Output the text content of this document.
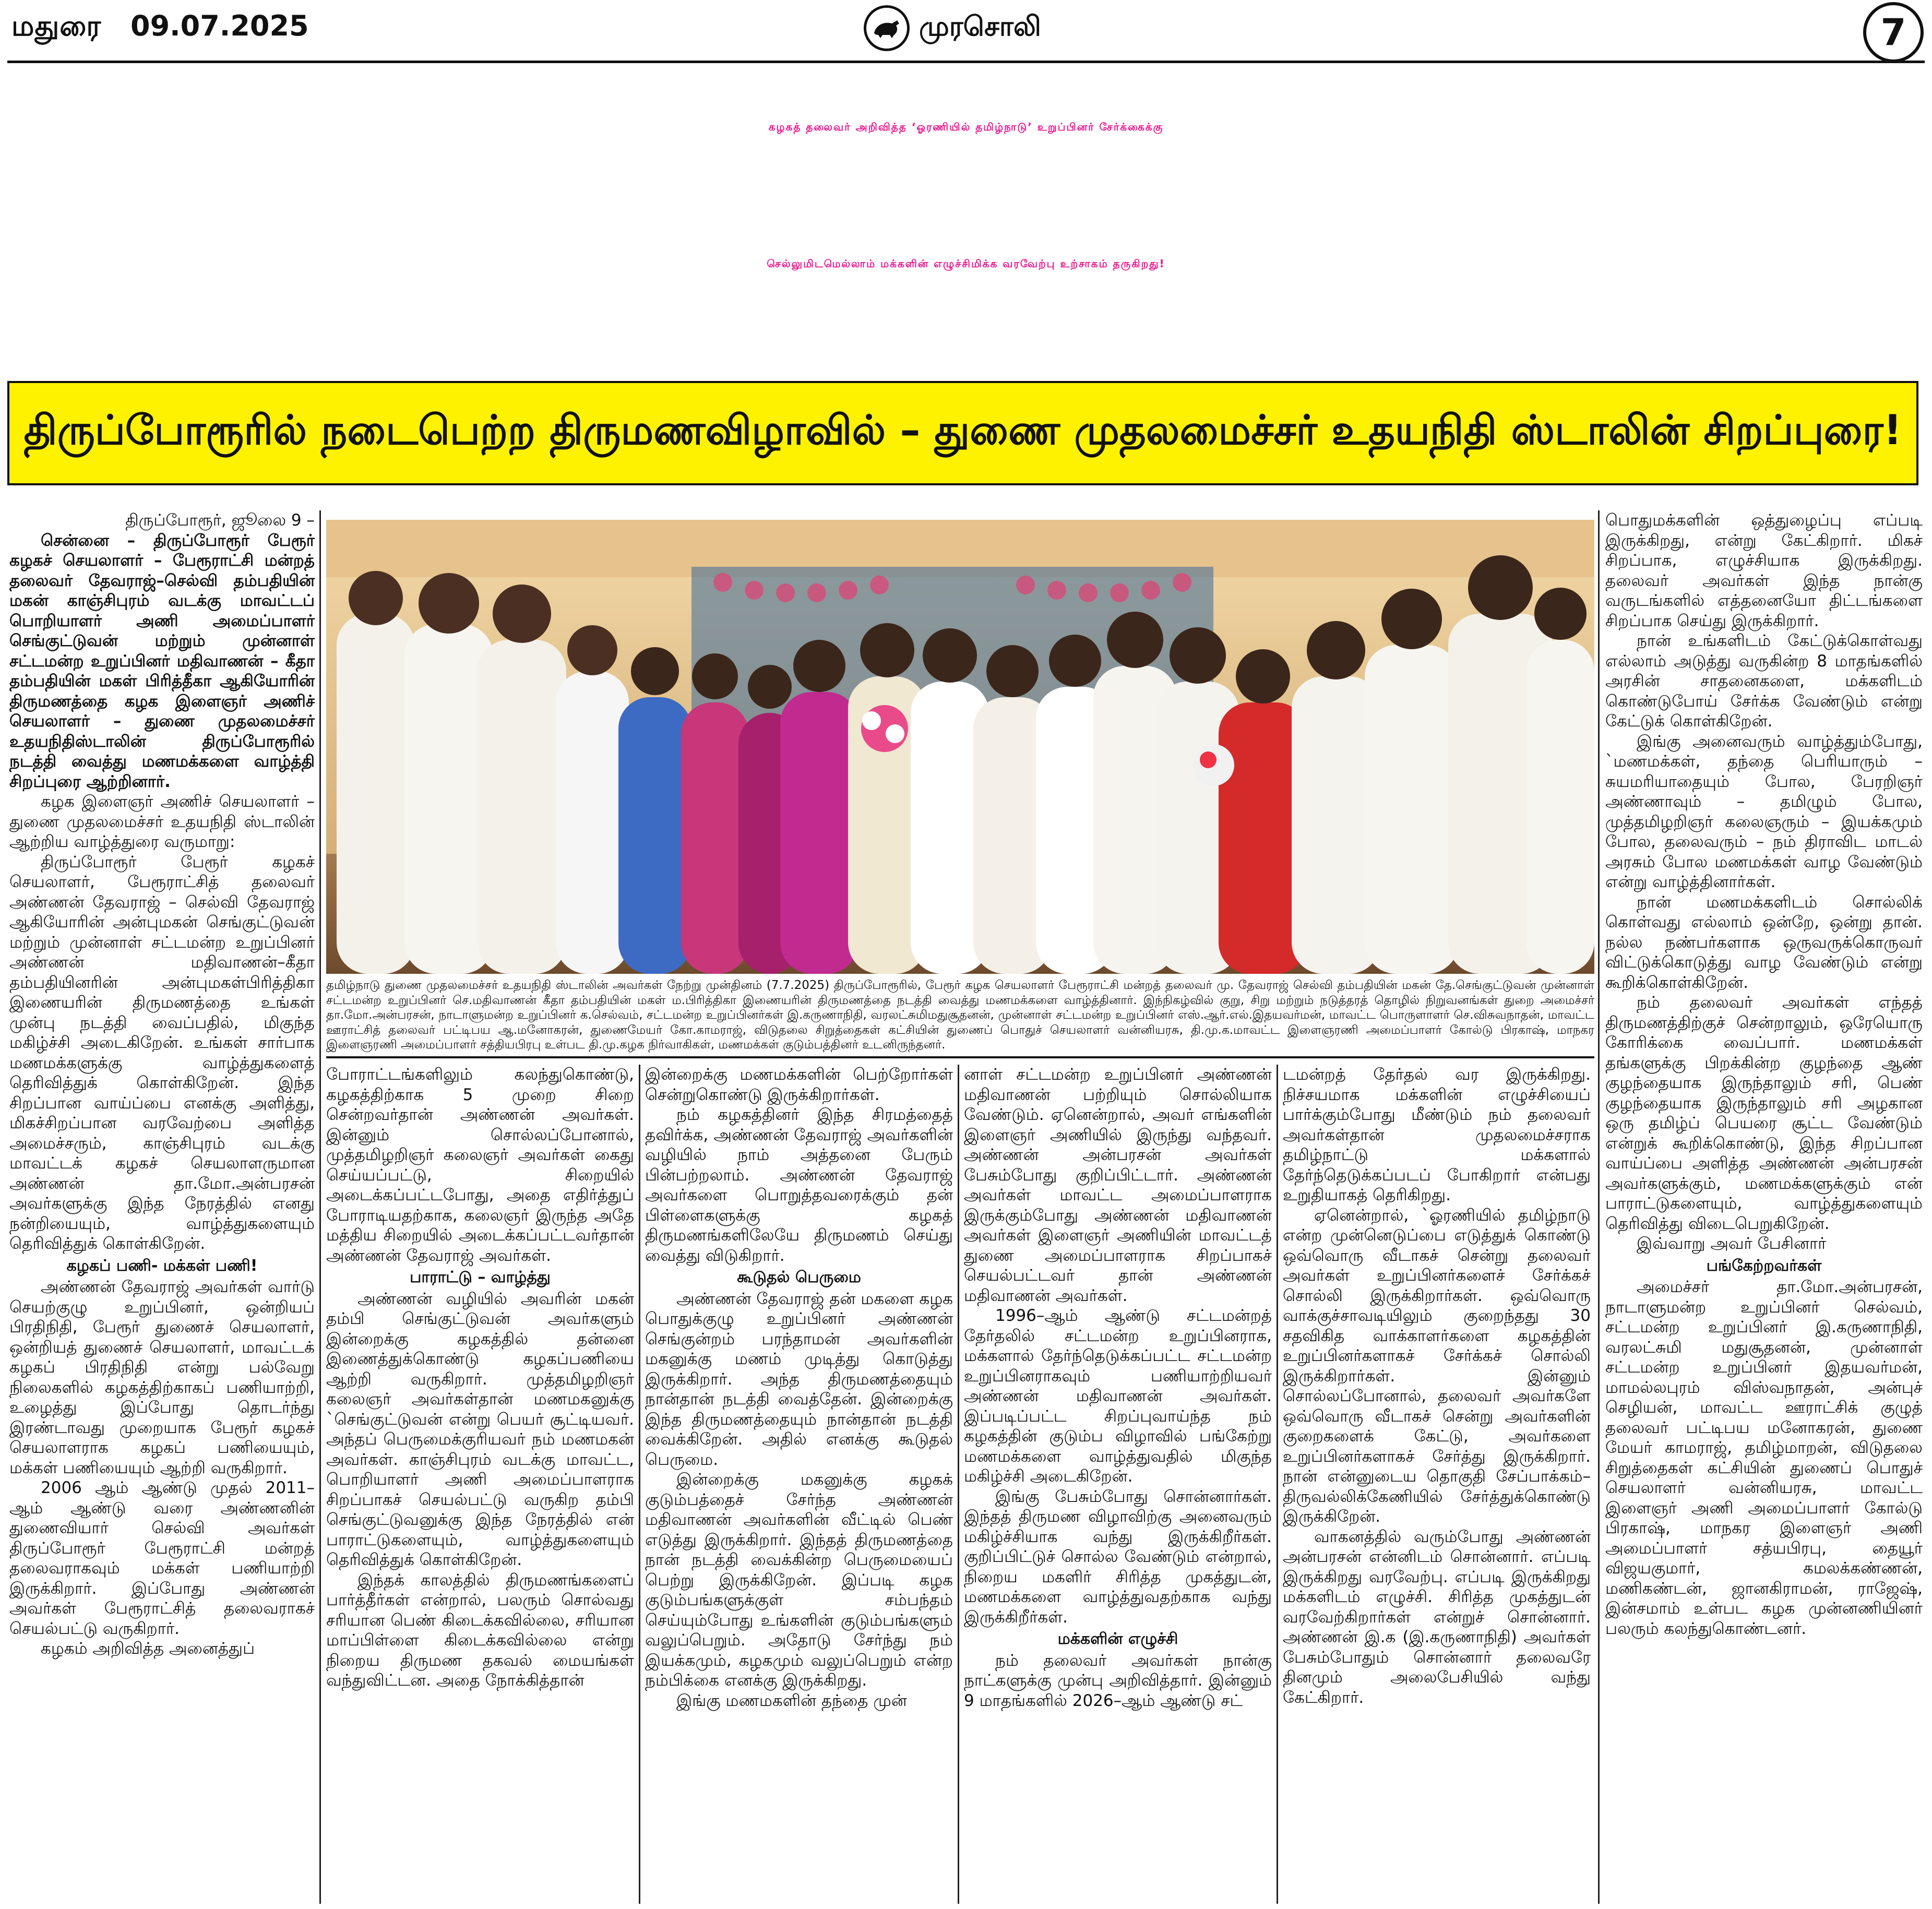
மதுரை 09.07.2025	முரசொலி	7
கழகத் தலைவர் அறிவித்த ‘ஓரணியில் தமிழ்நாடு’ உறுப்பினர் சேர்க்கைக்கு
செல்லுமிடமெல்லாம் மக்களின் எழுச்சிமிக்க வரவேற்பு உற்சாகம் தருகிறது!
திருப்போரூரில் நடைபெற்ற திருமணவிழாவில் – துணை முதலமைச்சர் உதயநிதி ஸ்டாலின் சிறப்புரை!
தமிழ்நாடு துணை முதலமைச்சர் உதயநிதி ஸ்டாலின் அவர்கள் நேற்று முன்தினம் (7.7.2025) திருப்போரூரில், பேரூர் கழக செயலாளர் பேரூராட்சி மன்றத் தலைவர் மு. தேவராஜ் செல்வி தம்பதியின் மகன் தே.செங்குட்டுவன் முன்னாள் சட்டமன்ற உறுப்பினர் செ.மதிவாணன் கீதா தம்பதியின் மகள் ம.பிரித்திகா இணையரின் திருமணத்தை நடத்தி வைத்து மணமக்களை வாழ்த்தினார். இந்நிகழ்வில் குறு, சிறு மற்றும் நடுத்தரத் தொழில் நிறுவனங்கள் துறை அமைச்சர் தா.மோ.அன்பரசன், நாடாளுமன்ற உறுப்பினர் க.செல்வம், சட்டமன்ற உறுப்பினர்கள் இ.கருணாநிதி, வரலட்சுமிமதுசூதனன், முன்னாள் சட்டமன்ற உறுப்பினர் எஸ்.ஆர்.எல்.இதயவர்மன், மாவட்ட பொருளாளர் செ.விசுவநாதன், மாவட்ட ஊராட்சித் தலைவர் பட்டிபய ஆ.மனோகரன், துணைமேயர் கோ.காமராஜ், விடுதலை சிறுத்தைகள் கட்சியின் துணைப் பொதுச் செயலாளர் வன்னியரசு, தி.மு.க.மாவட்ட இளைஞரணி அமைப்பாளர் கோல்டு பிரகாஷ், மாநகர இளைஞரணி அமைப்பாளர் சத்தியபிரபு உள்பட தி.மு.கழக நிர்வாகிகள், மணமக்கள் குடும்பத்தினர் உடனிருந்தனர்.

திருப்போரூர், ஜூலை 9 –

சென்னை – திருப்போரூர் பேரூர் கழகச் செயலாளர் – பேரூராட்சி மன்றத் தலைவர் தேவராஜ்–செல்வி தம்பதியின் மகன் காஞ்சிபுரம் வடக்கு மாவட்டப் பொறியாளர் அணி அமைப்பாளர் செங்குட்டுவன் மற்றும் முன்னாள் சட்டமன்ற உறுப்பினர் மதிவாணன் – கீதா தம்பதியின் மகள் பிரித்தீகா ஆகியோரின் திருமணத்தை கழக இளைஞர் அணிச் செயலாளர் – துணை முதலமைச்சர் உதயநிதிஸ்டாலின் திருப்போரூரில் நடத்தி வைத்து மணமக்களை வாழ்த்தி சிறப்புரை ஆற்றினார்.

கழக இளைஞர் அணிச் செயலாளர் – துணை முதலமைச்சர் உதயநிதி ஸ்டாலின் ஆற்றிய வாழ்த்துரை வருமாறு:

திருப்போரூர் பேரூர் கழகச் செயலாளர், பேரூராட்சித் தலைவர் அண்ணன் தேவராஜ் – செல்வி தேவராஜ் ஆகியோரின் அன்புமகன் செங்குட்டுவன் மற்றும் முன்னாள் சட்டமன்ற உறுப்பினர் அண்ணன் மதிவாணன்–கீதா தம்பதியினரின் அன்புமகள்பிரித்திகா இணையரின் திருமணத்தை உங்கள் முன்பு நடத்தி வைப்பதில், மிகுந்த மகிழ்ச்சி அடைகிறேன். உங்கள் சார்பாக மணமக்களுக்கு வாழ்த்துகளைத் தெரிவித்துக் கொள்கிறேன். இந்த சிறப்பான வாய்ப்பை எனக்கு அளித்து, மிகச்சிறப்பான வரவேற்பை அளித்த அமைச்சரும், காஞ்சிபுரம் வடக்கு மாவட்டக் கழகச் செயலாளருமான அண்ணன் தா.மோ.அன்பரசன் அவர்களுக்கு இந்த நேரத்தில் எனது நன்றியையும், வாழ்த்துகளையும் தெரிவித்துக் கொள்கிறேன்.

கழகப் பணி- மக்கள் பணி!

அண்ணன் தேவராஜ் அவர்கள் வார்டு செயற்குழு உறுப்பினர், ஒன்றியப் பிரதிநிதி, பேரூர் துணைச் செயலாளர், ஒன்றியத் துணைச் செயலாளர், மாவட்டக் கழகப் பிரதிநிதி என்று பல்வேறு நிலைகளில் கழகத்திற்காகப் பணியாற்றி, உழைத்து இப்போது தொடர்ந்து இரண்டாவது முறையாக பேரூர் கழகச் செயலாளராக கழகப் பணியையும், மக்கள் பணியையும் ஆற்றி வருகிறார்.

2006 ஆம் ஆண்டு முதல் 2011–ஆம் ஆண்டு வரை அண்ணனின் துணைவியார் செல்வி அவர்கள் திருப்போரூர் பேரூராட்சி மன்றத் தலைவராகவும் மக்கள் பணியாற்றி இருக்கிறார். இப்போது அண்ணன் அவர்கள் பேரூராட்சித் தலைவராகச் செயல்பட்டு வருகிறார்.

கழகம் அறிவித்த அனைத்துப்

போராட்டங்களிலும் கலந்துகொண்டு, கழகத்திற்காக 5 முறை சிறை சென்றவர்தான் அண்ணன் அவர்கள். இன்னும் சொல்லப்போனால், முத்தமிழறிஞர் கலைஞர் அவர்கள் கைது செய்யப்பட்டு, சிறையில் அடைக்கப்பட்டபோது, அதை எதிர்த்துப் போராடியதற்காக, கலைஞர் இருந்த அதே மத்திய சிறையில் அடைக்கப்பட்டவர்தான் அண்ணன் தேவராஜ் அவர்கள்.

பாராட்டு – வாழ்த்து

அண்ணன் வழியில் அவரின் மகன் தம்பி செங்குட்டுவன் அவர்களும் இன்றைக்கு கழகத்தில் தன்னை இணைத்துக்கொண்டு கழகப்பணியை ஆற்றி வருகிறார். முத்தமிழறிஞர் கலைஞர் அவர்கள்தான் மணமகனுக்கு `செங்குட்டுவன் என்று பெயர் சூட்டியவர். அந்தப் பெருமைக்குரியவர் நம் மணமகன் அவர்கள். காஞ்சிபுரம் வடக்கு மாவட்ட, பொறியாளர் அணி அமைப்பாளராக சிறப்பாகச் செயல்பட்டு வருகிற தம்பி செங்குட்டுவனுக்கு இந்த நேரத்தில் என் பாராட்டுகளையும், வாழ்த்துகளையும் தெரிவித்துக் கொள்கிறேன்.

இந்தக் காலத்தில் திருமணங்களைப் பார்த்தீர்கள் என்றால், பலரும் சொல்வது சரியான பெண் கிடைக்கவில்லை, சரியான மாப்பிள்ளை கிடைக்கவில்லை என்று நிறைய திருமண தகவல் மையங்கள் வந்துவிட்டன. அதை நோக்கித்தான்

இன்றைக்கு மணமக்களின் பெற்றோர்கள் சென்றுகொண்டு இருக்கிறார்கள்.

நம் கழகத்தினர் இந்த சிரமத்தைத் தவிர்க்க, அண்ணன் தேவராஜ் அவர்களின் வழியில் நாம் அத்தனை பேரும் பின்பற்றலாம். அண்ணன் தேவராஜ் அவர்களை பொறுத்தவரைக்கும் தன் பிள்ளைகளுக்கு கழகத் திருமணங்களிலேயே திருமணம் செய்து வைத்து விடுகிறார்.

கூடுதல் பெருமை

அண்ணன் தேவராஜ் தன் மகளை கழக பொதுக்குழு உறுப்பினர் அண்ணன் செங்குன்றம் பரந்தாமன் அவர்களின் மகனுக்கு மணம் முடித்து கொடுத்து இருக்கிறார். அந்த திருமணத்தையும் நான்தான் நடத்தி வைத்தேன். இன்றைக்கு இந்த திருமணத்தையும் நான்தான் நடத்தி வைக்கிறேன். அதில் எனக்கு கூடுதல் பெருமை.

இன்றைக்கு மகனுக்கு கழகக் குடும்பத்தைச் சேர்ந்த அண்ணன் மதிவாணன் அவர்களின் வீட்டில் பெண் எடுத்து இருக்கிறார். இந்தத் திருமணத்தை நான் நடத்தி வைக்கின்ற பெருமையைப் பெற்று இருக்கிறேன். இப்படி கழக குடும்பங்களுக்குள் சம்பந்தம் செய்யும்போது உங்களின் குடும்பங்களும் வலுப்பெறும். அதோடு சேர்ந்து நம் இயக்கமும், கழகமும் வலுப்பெறும் என்ற நம்பிக்கை எனக்கு இருக்கிறது.

இங்கு மணமகளின் தந்தை முன்

னாள் சட்டமன்ற உறுப்பினர் அண்ணன் மதிவாணன் பற்றியும் சொல்லியாக வேண்டும். ஏனென்றால், அவர் எங்களின் இளைஞர் அணியில் இருந்து வந்தவர். அண்ணன் அன்பரசன் அவர்கள் பேசும்போது குறிப்பிட்டார். அண்ணன் அவர்கள் மாவட்ட அமைப்பாளராக இருக்கும்போது அண்ணன் மதிவாணன் அவர்கள் இளைஞர் அணியின் மாவட்டத் துணை அமைப்பாளராக சிறப்பாகச் செயல்பட்டவர் தான் அண்ணன் மதிவாணன் அவர்கள்.

1996–ஆம் ஆண்டு சட்டமன்றத் தேர்தலில் சட்டமன்ற உறுப்பினராக, மக்களால் தேர்ந்தெடுக்கப்பட்ட சட்டமன்ற உறுப்பினராகவும் பணியாற்றியவர் அண்ணன் மதிவாணன் அவர்கள். இப்படிப்பட்ட சிறப்புவாய்ந்த நம் கழகத்தின் குடும்ப விழாவில் பங்கேற்று மணமக்களை வாழ்த்துவதில் மிகுந்த மகிழ்ச்சி அடைகிறேன்.

இங்கு பேசும்போது சொன்னார்கள். இந்தத் திருமண விழாவிற்கு அனைவரும் மகிழ்ச்சியாக வந்து இருக்கிறீர்கள். குறிப்பிட்டுச் சொல்ல வேண்டும் என்றால், நிறைய மகளிர் சிரித்த முகத்துடன், மணமக்களை வாழ்த்துவதற்காக வந்து இருக்கிறீர்கள்.

மக்களின் எழுச்சி

நம் தலைவர் அவர்கள் நான்கு நாட்களுக்கு முன்பு அறிவித்தார். இன்னும் 9 மாதங்களில் 2026–ஆம் ஆண்டு சட்

டமன்றத் தேர்தல் வர இருக்கிறது. நிச்சயமாக மக்களின் எழுச்சியைப் பார்க்கும்போது மீண்டும் நம் தலைவர் அவர்கள்தான் முதலமைச்சராக தமிழ்நாட்டு மக்களால் தேர்ந்தெடுக்கப்படப் போகிறார் என்பது உறுதியாகத் தெரிகிறது.

ஏனென்றால், `ஓரணியில் தமிழ்நாடு என்ற முன்னெடுப்பை எடுத்துக் கொண்டு ஒவ்வொரு வீடாகச் சென்று தலைவர் அவர்கள் உறுப்பினர்களைச் சேர்க்கச் சொல்லி இருக்கிறார்கள். ஒவ்வொரு வாக்குச்சாவடியிலும் குறைந்தது 30 சதவிகித வாக்காளர்களை கழகத்தின் உறுப்பினர்களாகச் சேர்க்கச் சொல்லி இருக்கிறார்கள். இன்னும் சொல்லப்போனால், தலைவர் அவர்களே ஒவ்வொரு வீடாகச் சென்று அவர்களின் குறைகளைக் கேட்டு, அவர்களை உறுப்பினர்களாகச் சேர்த்து இருக்கிறார். நான் என்னுடைய தொகுதி சேப்பாக்கம்–திருவல்லிக்கேணியில் சேர்த்துக்கொண்டு இருக்கிறேன்.

வாகனத்தில் வரும்போது அண்ணன் அன்பரசன் என்னிடம் சொன்னார். எப்படி இருக்கிறது வரவேற்பு. எப்படி இருக்கிறது மக்களிடம் எழுச்சி. சிரித்த முகத்துடன் வரவேற்கிறார்கள் என்றுச் சொன்னார். அண்ணன் இ.க (இ.கருணாநிதி) அவர்கள் பேசும்போதும் சொன்னார் தலைவரே தினமும் அலைபேசியில் வந்து கேட்கிறார்.

பொதுமக்களின் ஒத்துழைப்பு எப்படி இருக்கிறது, என்று கேட்கிறார். மிகச் சிறப்பாக, எழுச்சியாக இருக்கிறது. தலைவர் அவர்கள் இந்த நான்கு வருடங்களில் எத்தனையோ திட்டங்களை சிறப்பாக செய்து இருக்கிறார்.

நான் உங்களிடம் கேட்டுக்கொள்வது எல்லாம் அடுத்து வருகின்ற 8 மாதங்களில் அரசின் சாதனைகளை, மக்களிடம் கொண்டுபோய் சேர்க்க வேண்டும் என்று கேட்டுக் கொள்கிறேன்.

இங்கு அனைவரும் வாழ்த்தும்போது, `மணமக்கள், தந்தை பெரியாரும் – சுயமரியாதையும் போல, பேரறிஞர் அண்ணாவும் – தமிழும் போல, முத்தமிழறிஞர் கலைஞரும் – இயக்கமும் போல, தலைவரும் – நம் திராவிட மாடல் அரசும் போல மணமக்கள் வாழ வேண்டும் என்று வாழ்த்தினார்கள்.

நான் மணமக்களிடம் சொல்லிக் கொள்வது எல்லாம் ஒன்றே, ஒன்று தான். நல்ல நண்பர்களாக ஒருவருக்கொருவர் விட்டுக்கொடுத்து வாழ வேண்டும் என்று கூறிக்கொள்கிறேன்.

நம் தலைவர் அவர்கள் எந்தத் திருமணத்திற்குச் சென்றாலும், ஒரேயொரு கோரிக்கை வைப்பார். மணமக்கள் தங்களுக்கு பிறக்கின்ற குழந்தை ஆண் குழந்தையாக இருந்தாலும் சரி, பெண் குழந்தையாக இருந்தாலும் சரி அழகான ஒரு தமிழ்ப் பெயரை சூட்ட வேண்டும் என்றுக் கூறிக்கொண்டு, இந்த சிறப்பான வாய்ப்பை அளித்த அண்ணன் அன்பரசன் அவர்களுக்கும், மணமக்களுக்கும் என் பாராட்டுகளையும், வாழ்த்துகளையும் தெரிவித்து விடைபெறுகிறேன்.

இவ்வாறு அவர் பேசினார்

பங்கேற்றவர்கள்

அமைச்சர் தா.மோ.அன்பரசன், நாடாளுமன்ற உறுப்பினர் செல்வம், சட்டமன்ற உறுப்பினர் இ.கருணாநிதி, வரலட்சுமி மதுசூதனன், முன்னாள் சட்டமன்ற உறுப்பினர் இதயவர்மன், மாமல்லபுரம் விஸ்வநாதன், அன்புச் செழியன், மாவட்ட ஊராட்சிக் குழுத் தலைவர் பட்டிபய மனோகரன், துணை மேயர் காமராஜ், தமிழ்மாறன், விடுதலை சிறுத்தைகள் கட்சியின் துணைப் பொதுச் செயலாளர் வன்னியரசு, மாவட்ட இளைஞர் அணி அமைப்பாளர் கோல்டு பிரகாஷ், மாநகர இளைஞர் அணி அமைப்பாளர் சத்யபிரபு, தையூர் விஜயகுமார், கமலக்கண்ணன், மணிகண்டன், ஜானகிராமன், ராஜேஷ், இன்சமாம் உள்பட கழக முன்னணியினர் பலரும் கலந்துகொண்டனர்.
